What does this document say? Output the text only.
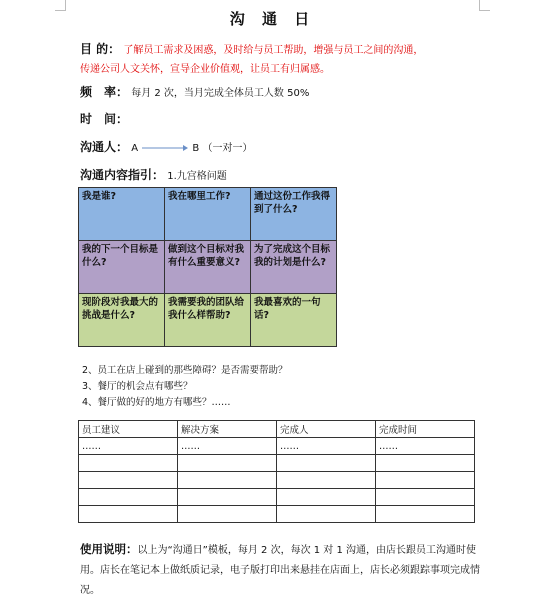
沟 通 日
目 的： 了解员工需求及困惑，及时给与员工帮助，增强与员工之间的沟通，
传递公司人文关怀，宣导企业价值观，让员工有归属感。
频　率： 每月 2 次，当月完成全体员工人数 50%
时　间：
沟通人： A	B （一对一）
沟通内容指引： 1.九宫格问题
我是谁?	我在哪里工作?	通过这份工作我得到了什么?
我的下一个目标是什么?	做到这个目标对我有什么重要意义?	为了完成这个目标我的计划是什么?
现阶段对我最大的挑战是什么?	我需要我的团队给我什么样帮助?	我最喜欢的一句话?
2、员工在店上碰到的那些障碍？是否需要帮助？
3、餐厅的机会点有哪些？
4、餐厅做的好的地方有哪些？……
员工建议	解决方案	完成人	完成时间
……	……	……	……

使用说明：以上为“沟通日”模板，每月 2 次，每次 1 对 1 沟通，由店长跟员工沟通时使用。店长在笔记本上做纸质记录，电子版打印出来悬挂在店面上，店长必须跟踪事项完成情况。
